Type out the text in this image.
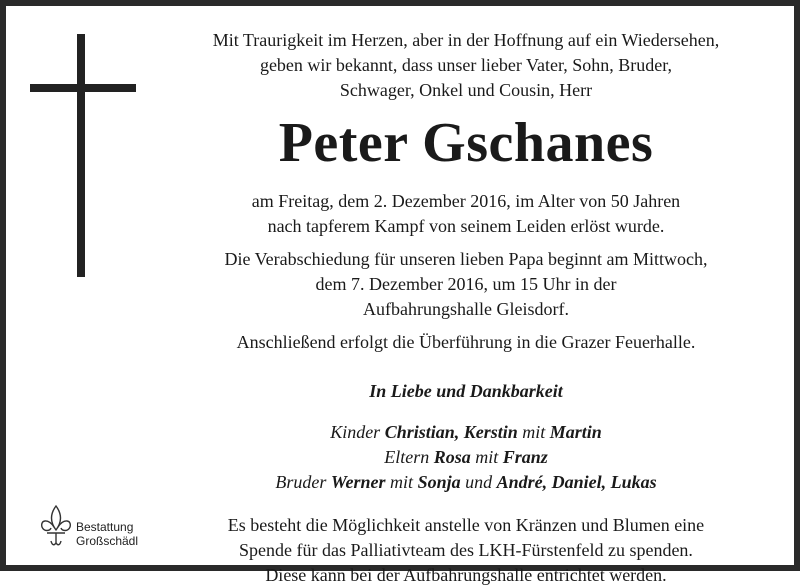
Mit Traurigkeit im Herzen, aber in der Hoffnung auf ein Wiedersehen,

geben wir bekannt, dass unser lieber Vater, Sohn, Bruder,

Schwager, Onkel und Cousin, Herr

Peter Gschanes

am Freitag, dem 2. Dezember 2016, im Alter von 50 Jahren

nach tapferem Kampf von seinem Leiden erlöst wurde.

Die Verabschiedung für unseren lieben Papa beginnt am Mittwoch,

dem 7. Dezember 2016, um 15 Uhr in der

Aufbahrungshalle Gleisdorf.

Anschließend erfolgt die Überführung in die Grazer Feuerhalle.

In Liebe und Dankbarkeit

Kinder Christian, Kerstin mit Martin

Eltern Rosa mit Franz

Bruder Werner mit Sonja und André, Daniel, Lukas

Es besteht die Möglichkeit anstelle von Kränzen und Blumen eine

Spende für das Palliativteam des LKH-Fürstenfeld zu spenden.

Diese kann bei der Aufbahrungshalle entrichtet werden.

Bestattung
Großschädl
